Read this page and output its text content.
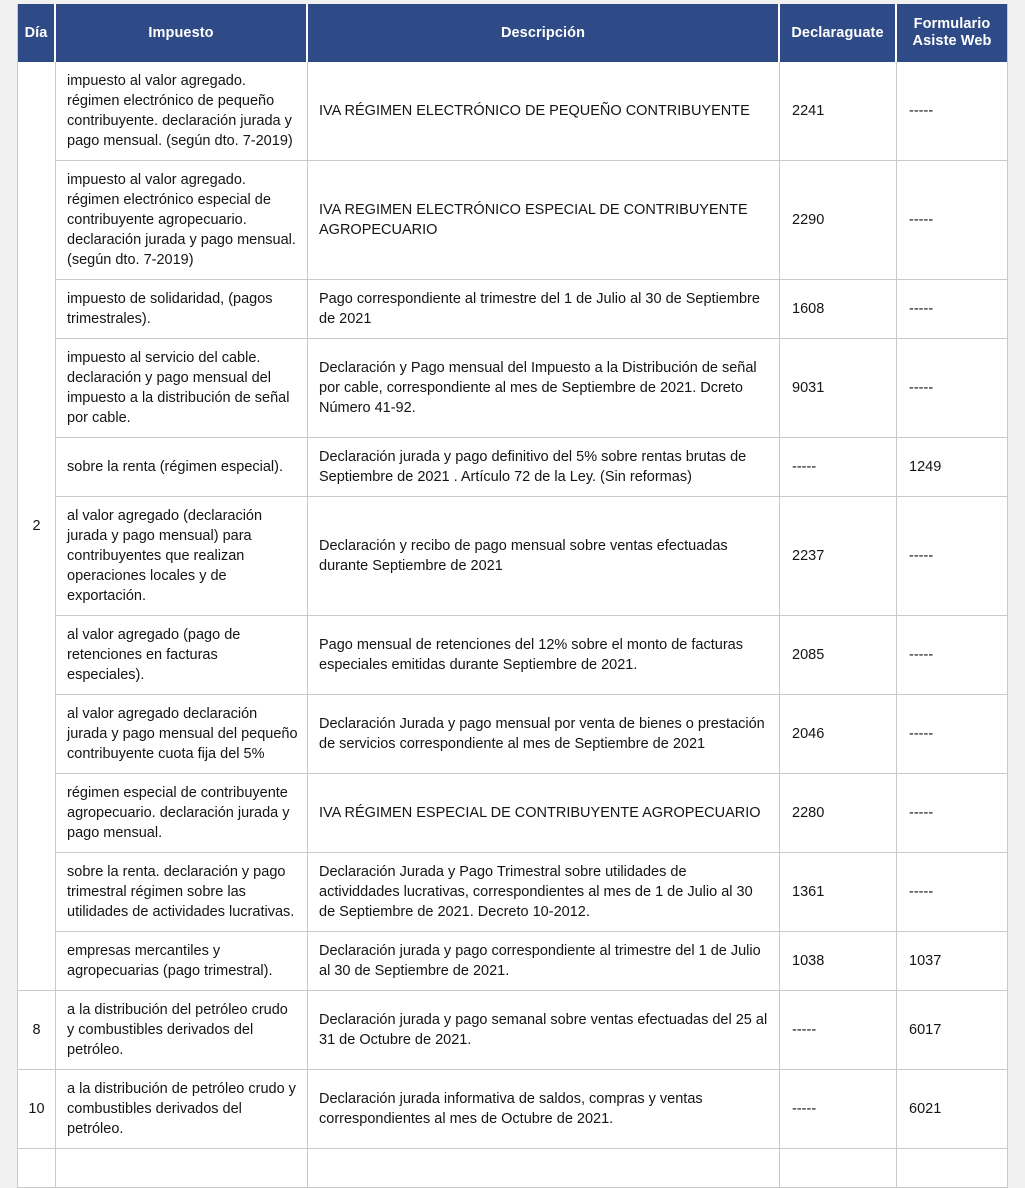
Día	Impuesto	Descripción	Declaraguate	Formulario
Asiste Web
2	impuesto al valor agregado. régimen electrónico de pequeño contribuyente. declaración jurada y pago mensual. (según dto. 7-2019)	IVA RÉGIMEN ELECTRÓNICO DE PEQUEÑO CONTRIBUYENTE	2241	-----
	impuesto al valor agregado. régimen electrónico especial de contribuyente agropecuario. declaración jurada y pago mensual. (según dto. 7-2019)	IVA REGIMEN ELECTRÓNICO ESPECIAL DE CONTRIBUYENTE AGROPECUARIO	2290	-----
	impuesto de solidaridad, (pagos trimestrales).	Pago correspondiente al trimestre del 1 de Julio al 30 de Septiembre de 2021	1608	-----
	impuesto al servicio del cable. declaración y pago mensual del impuesto a la distribución de señal por cable.	Declaración y Pago mensual del Impuesto a la Distribución de señal por cable, correspondiente al mes de Septiembre de 2021. Dcreto Número 41-92.	9031	-----
	sobre la renta (régimen especial).	Declaración jurada y pago definitivo del 5% sobre rentas brutas de Septiembre de 2021 . Artículo 72 de la Ley. (Sin reformas)	-----	1249
	al valor agregado (declaración jurada y pago mensual) para contribuyentes que realizan operaciones locales y de exportación.	Declaración y recibo de pago mensual sobre ventas efectuadas durante Septiembre de 2021	2237	-----
	al valor agregado (pago de retenciones en facturas especiales).	Pago mensual de retenciones del 12% sobre el monto de facturas especiales emitidas durante Septiembre de 2021.	2085	-----
	al valor agregado declaración jurada y pago mensual del pequeño contribuyente cuota fija del 5%	Declaración Jurada y pago mensual por venta de bienes o prestación de servicios correspondiente al mes de Septiembre de 2021	2046	-----
	régimen especial de contribuyente agropecuario. declaración jurada y pago mensual.	IVA RÉGIMEN ESPECIAL DE CONTRIBUYENTE AGROPECUARIO	2280	-----
	sobre la renta. declaración y pago trimestral régimen sobre las utilidades de actividades lucrativas.	Declaración Jurada y Pago Trimestral sobre utilidades de actividdades lucrativas, correspondientes al mes de 1 de Julio al 30 de Septiembre de 2021. Decreto 10-2012.	1361	-----
	empresas mercantiles y agropecuarias (pago trimestral).	Declaración jurada y pago correspondiente al trimestre del 1 de Julio al 30 de Septiembre de 2021.	1038	1037
8	a la distribución del petróleo crudo y combustibles derivados del petróleo.	Declaración jurada y pago semanal sobre ventas efectuadas del 25 al 31 de Octubre de 2021.	-----	6017
10	a la distribución de petróleo crudo y combustibles derivados del petróleo.	Declaración jurada informativa de saldos, compras y ventas correspondientes al mes de Octubre de 2021.	-----	6021
